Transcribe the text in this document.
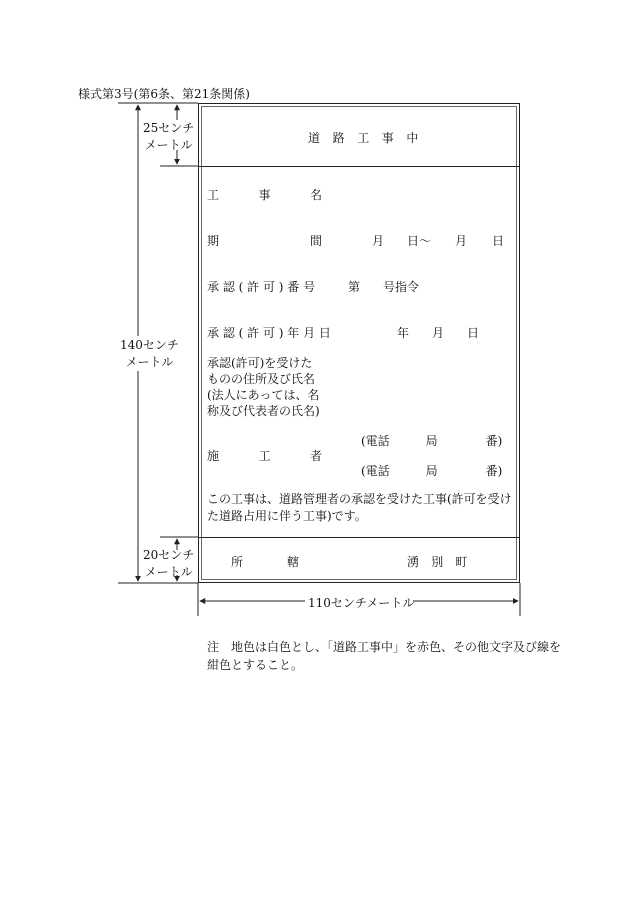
様式第3号(第6条、第21条関係)
道路工事中
工	事	名
期	間	月 日〜 月 日
承 認 ( 許 可 ) 番 号	第 号指令
承 認 ( 許 可 ) 年 月 日	年 月 日
承認(許可)を受けた
ものの住所及び氏名
(法人にあっては、名
称及び代表者の氏名)
施	工	者
(電話　　　局　　　　番)
(電話　　　局　　　　番)
この工事は、道路管理者の承認を受けた工事(許可を受け
た道路占用に伴う工事)です。
所	轄	湧 別 町
25センチ
メートル
140センチ
メートル
20センチ
メートル
110センチメートル
注　地色は白色とし、「道路工事中」を赤色、その他文字及び線を紺色とすること。
